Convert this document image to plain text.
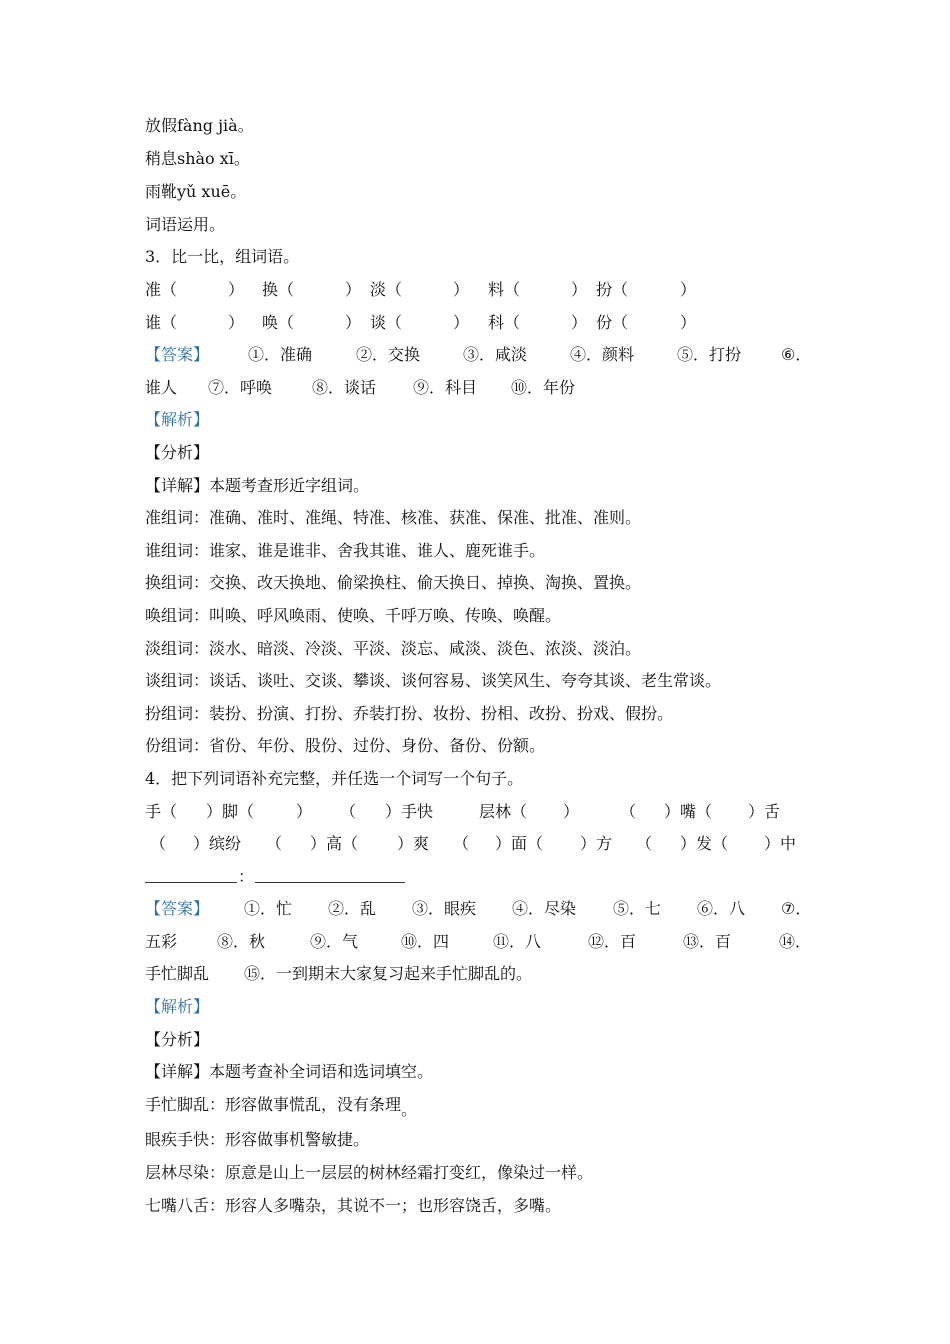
放假fàng jià。
稍息shào xī。
雨靴yǔ xuē。
词语运用。
3．比一比，组词语。
准（	） 换（	） 淡（	） 料（	） 扮（	）
谁（	） 唤（	） 谈（	） 科（	） 份（	）
【答案】 ①．准确	②．交换	③．咸淡	④．颜料	⑤．打扮 ⑥．
谁人 ⑦．呼唤 ⑧．谈话 ⑨．科目 ⑩．年份
【解析】
【分析】
【详解】本题考查形近字组词。
准组词：准确、准时、准绳、特准、核准、获准、保准、批准、准则。
谁组词：谁家、谁是谁非、舍我其谁、谁人、鹿死谁手。
换组词：交换、改天换地、偷梁换柱、偷天换日、掉换、淘换、置换。
唤组词：叫唤、呼风唤雨、使唤、千呼万唤、传唤、唤醒。
淡组词：淡水、暗淡、冷淡、平淡、淡忘、咸淡、淡色、浓淡、淡泊。
谈组词：谈话、谈吐、交谈、攀谈、谈何容易、谈笑风生、夸夸其谈、老生常谈。
扮组词：装扮、扮演、打扮、乔装打扮、妆扮、扮相、改扮、扮戏、假扮。
份组词：省份、年份、股份、过份、身份、备份、份额。
4．把下列词语补充完整，并任选一个词写一个句子。
手（ ）脚（	） （ ）手快	层林（ ）	（ ）嘴（ ）舌
（ ）缤纷 （ ）高（ ）爽 （ ）面（ ）方 （ ）发（ ）中
：
【答案】 ①．忙 ②．乱 ③．眼疾 ④．尽染 ⑤．七 ⑥．八 ⑦．
五彩 ⑧．秋	⑨．气	⑩．四	⑪．八	⑫．百	⑬．百	⑭．
手忙脚乱 ⑮．一到期末大家复习起来手忙脚乱的。
【解析】
【分析】
【详解】本题考查补全词语和选词填空。
手忙脚乱：形容做事慌乱，没有条理。
眼疾手快：形容做事机警敏捷。
层林尽染：原意是山上一层层的树林经霜打变红，像染过一样。
七嘴八舌：形容人多嘴杂，其说不一；也形容饶舌，多嘴。
